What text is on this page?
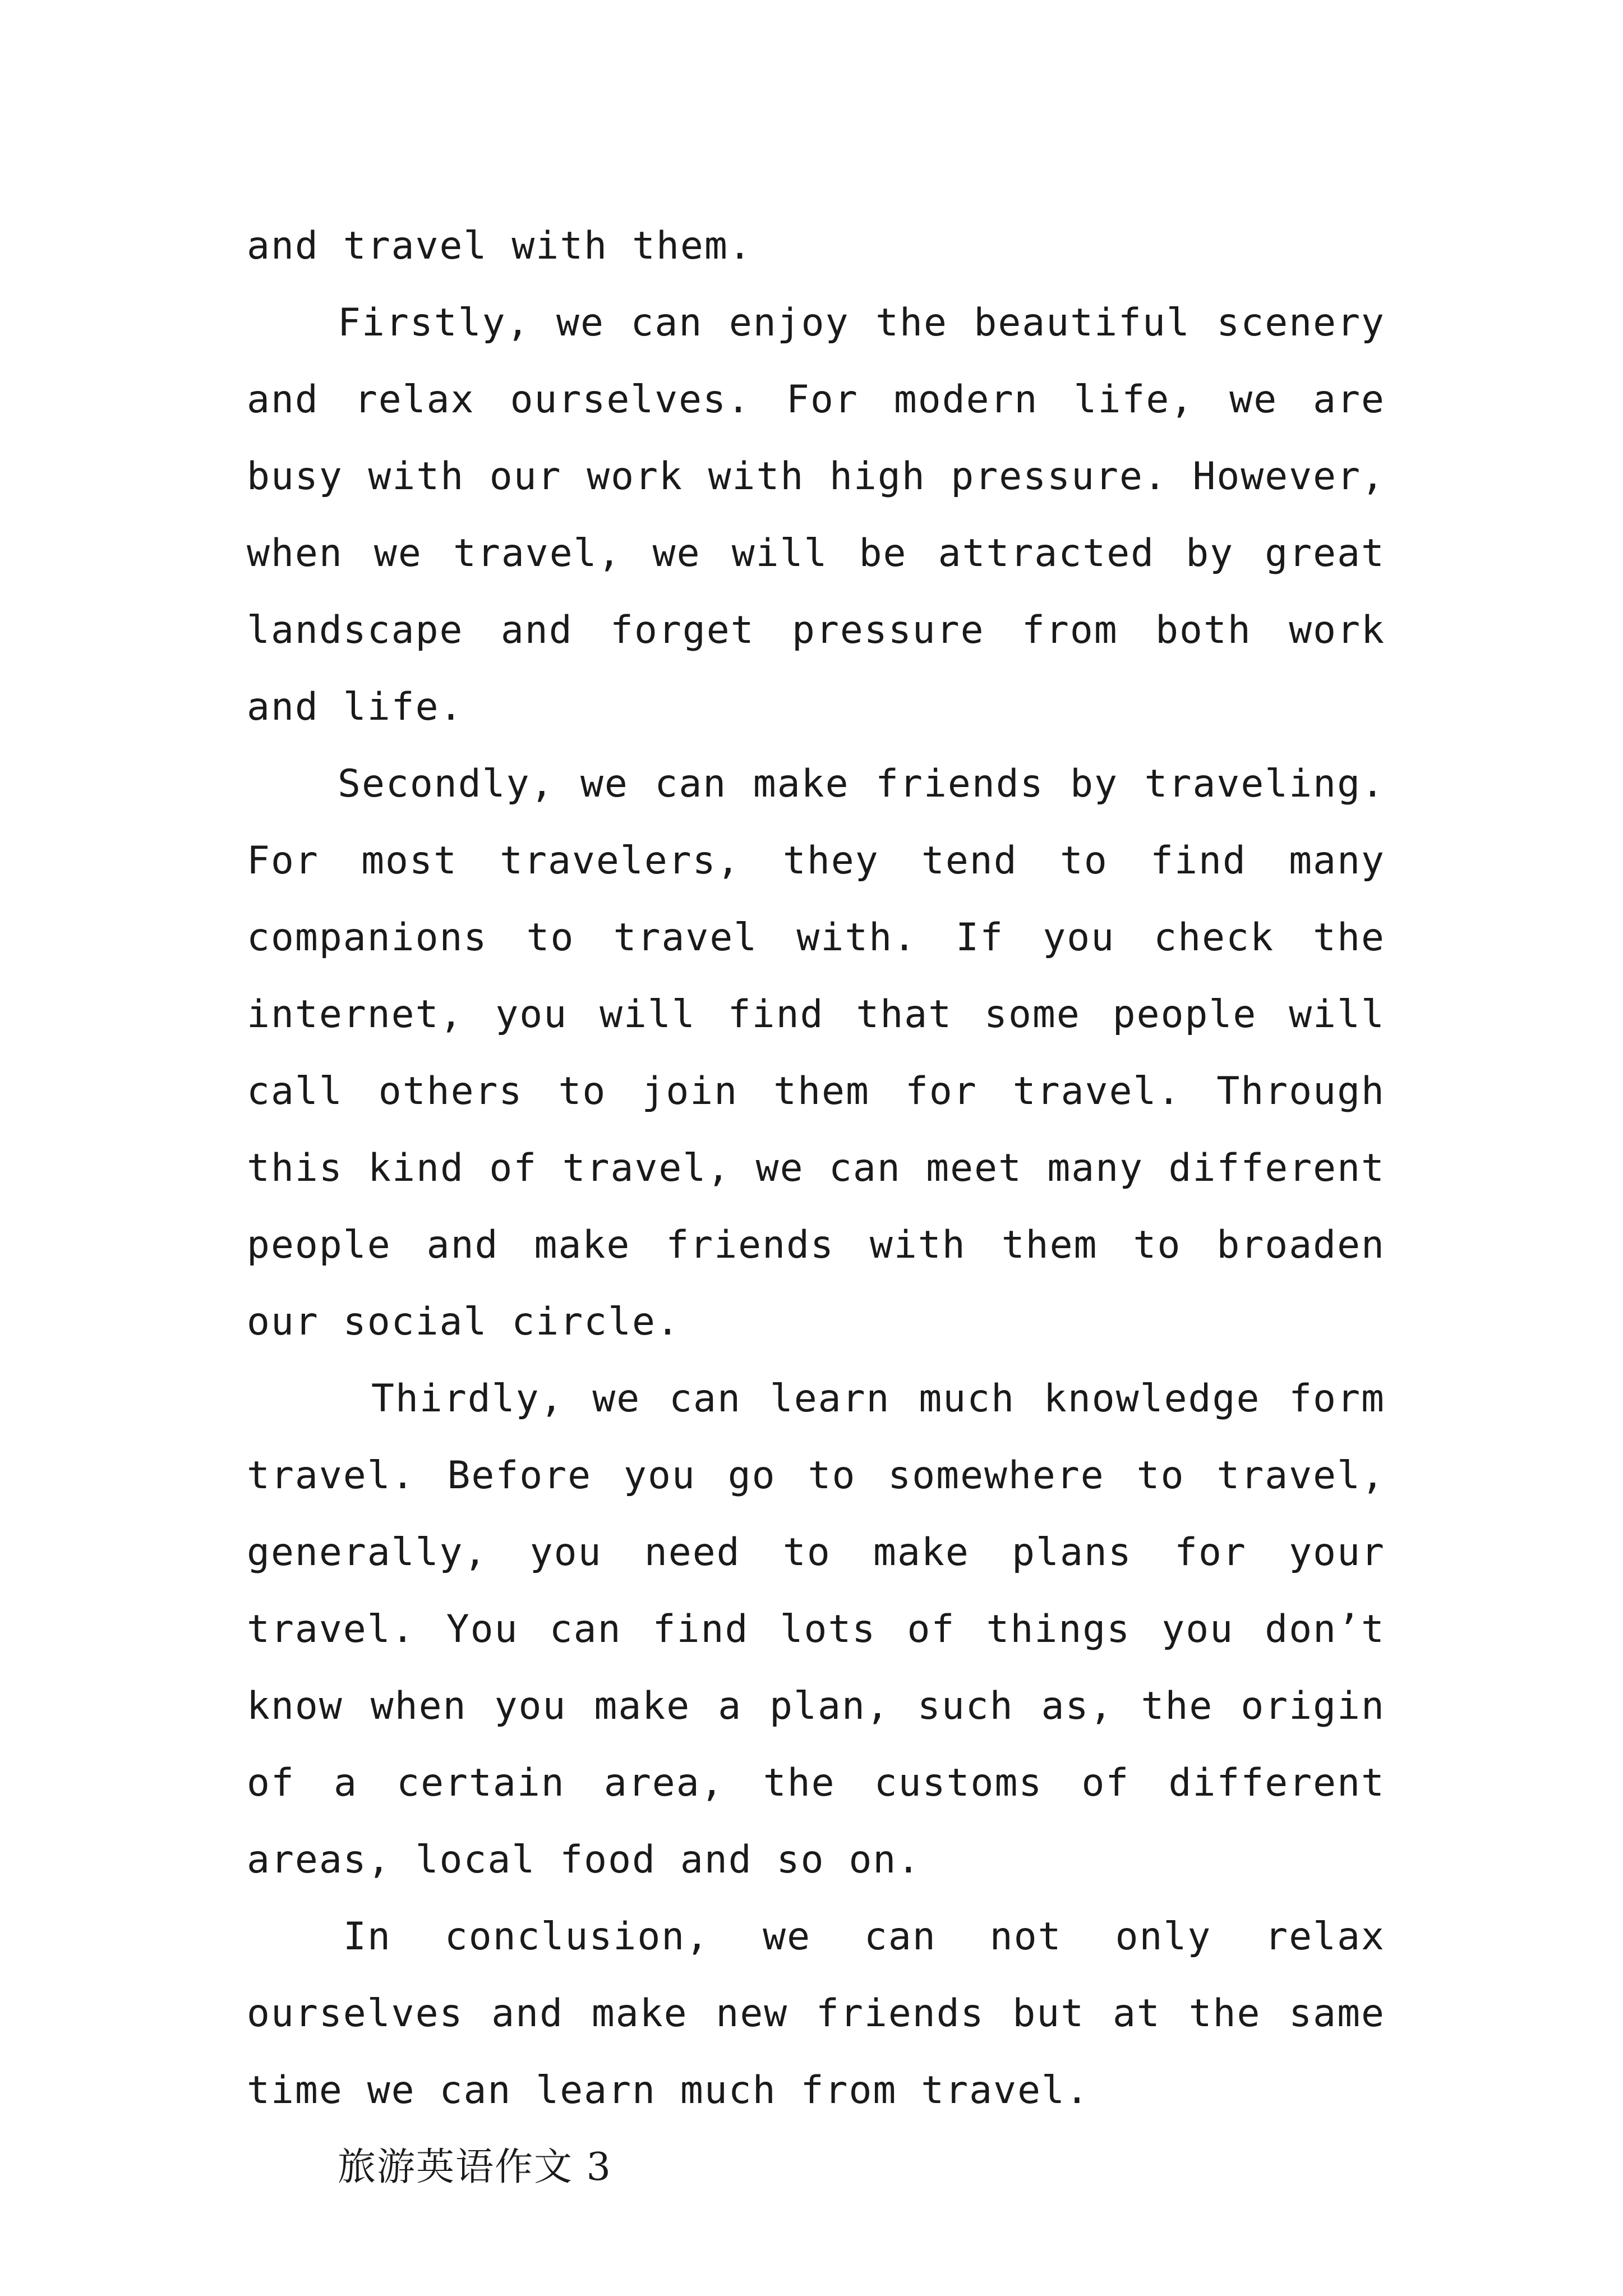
and travel with them.

Firstly, we can enjoy the beautiful scenery and relax ourselves. For modern life, we are busy with our work with high pressure. However, when we travel, we will be attracted by great landscape and forget pressure from both work and life.

Secondly, we can make friends by traveling. For most travelers, they tend to find many companions to travel with. If you check the internet, you will find that some people will call others to join them for travel. Through this kind of travel, we can meet many different people and make friends with them to broaden our social circle.

Thirdly, we can learn much knowledge form travel. Before you go to somewhere to travel, generally, you need to make plans for your travel. You can find lots of things you don’t know when you make a plan, such as, the origin of a certain area, the customs of different areas, local food and so on.

In conclusion, we can not only relax ourselves and make new friends but at the same time we can learn much from travel.

旅游英语作文 3
